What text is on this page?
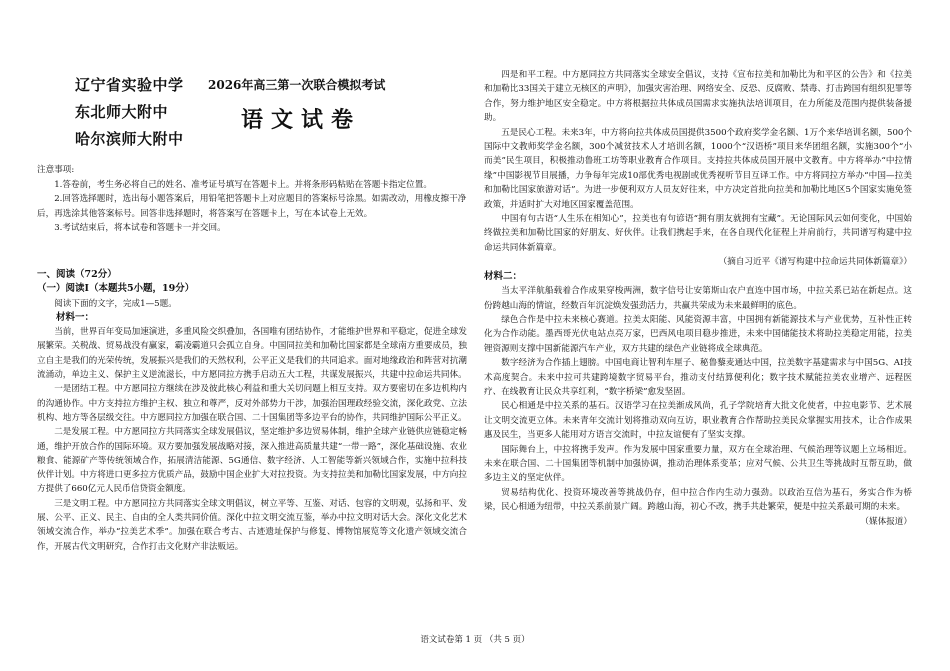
辽宁省实验中学
东北师大附中
哈尔滨师大附中
2026年高三第一次联合模拟考试
语文试卷

注意事项:

1.答卷前，考生务必将自己的姓名、准考证号填写在答题卡上。并将条形码粘贴在答题卡指定位置。

2.回答选择题时，选出每小题答案后，用铅笔把答题卡上对应题目的答案标号涂黑。如需改动，用橡皮擦干净后，再选涂其他答案标号。回答非选择题时，将答案写在答题卡上，写在本试卷上无效。

3.考试结束后，将本试卷和答题卡一并交回。

一、阅读（72分）

（一）阅读Ⅰ（本题共5小题，19分）

阅读下面的文字，完成1—5题。

材料一：

当前，世界百年变局加速演进，多重风险交织叠加，各国唯有团结协作，才能维护世界和平稳定，促进全球发展繁荣。关税战、贸易战没有赢家，霸凌霸道只会孤立自身。中国同拉美和加勒比国家都是全球南方重要成员，独立自主是我们的光荣传统，发展振兴是我们的天然权利，公平正义是我们的共同追求。面对地缘政治和阵营对抗潮流涌动，单边主义、保护主义逆流滋长，中方愿同拉方携手启动五大工程，共谋发展振兴，共建中拉命运共同体。

一是团结工程。中方愿同拉方继续在涉及彼此核心利益和重大关切问题上相互支持。双方要密切在多边机构内的沟通协作。中方支持拉方维护主权、独立和尊严，反对外部势力干涉，加强治国理政经验交流，深化政党、立法机构、地方等各层级交往。中方愿同拉方加强在联合国、二十国集团等多边平台的协作，共同维护国际公平正义。

二是发展工程。中方愿同拉方共同落实全球发展倡议，坚定维护多边贸易体制，维护全球产业链供应链稳定畅通，维护开放合作的国际环境。双方要加强发展战略对接，深入推进高质量共建“一带一路”，深化基础设施、农业粮食、能源矿产等传统领域合作，拓展清洁能源、5G通信、数字经济、人工智能等新兴领域合作，实施中拉科技伙伴计划。中方将进口更多拉方优质产品，鼓励中国企业扩大对拉投资。为支持拉美和加勒比国家发展，中方向拉方提供了660亿元人民币信贷资金额度。

三是文明工程。中方愿同拉方共同落实全球文明倡议，树立平等、互鉴、对话、包容的文明观，弘扬和平、发展、公平、正义、民主、自由的全人类共同价值。深化中拉文明交流互鉴，举办中拉文明对话大会。深化文化艺术领域交流合作，举办“拉美艺术季”。加强在联合考古、古迹遗址保护与修复、博物馆展览等文化遗产领域交流合作，开展古代文明研究，合作打击文化财产非法贩运。

四是和平工程。中方愿同拉方共同落实全球安全倡议，支持《宣布拉美和加勒比为和平区的公告》和《拉美和加勒比33国关于建立无核区的声明》，加强灾害治理、网络安全、反恐、反腐败、禁毒、打击跨国有组织犯罪等合作，努力维护地区安全稳定。中方将根据拉共体成员国需求实施执法培训项目，在力所能及范围内提供装备援助。

五是民心工程。未来3年，中方将向拉共体成员国提供3500个政府奖学金名额、1万个来华培训名额，500个国际中文教师奖学金名额，300个减贫技术人才培训名额，1000个“汉语桥”项目来华团组名额，实施300个“小而美”民生项目，积极推动鲁班工坊等职业教育合作项目。支持拉共体成员国开展中文教育。中方将举办“中拉情缘”中国影视节目展播，力争每年完成10部优秀电视剧或优秀视听节目互译工作。中方将同拉方举办“中国—拉美和加勒比国家旅游对话”。为进一步便利双方人员友好往来，中方决定首批向拉美和加勒比地区5个国家实施免签政策，并适时扩大对地区国家覆盖范围。

中国有句古语“人生乐在相知心”，拉美也有句谚语“拥有朋友就拥有宝藏”。无论国际风云如何变化，中国始终做拉美和加勒比国家的好朋友、好伙伴。让我们携起手来，在各自现代化征程上并肩前行，共同谱写构建中拉命运共同体新篇章。

（摘自习近平《谱写构建中拉命运共同体新篇章》）

材料二：

当太平洋航船载着合作成果穿梭两洲，数字信号让安第斯山农户直连中国市场，中拉关系已站在新起点。这份跨越山海的情谊，经数百年沉淀焕发强劲活力，共赢共荣成为未来最鲜明的底色。

绿色合作是中拉未来核心赛道。拉美太阳能、风能资源丰富，中国拥有新能源技术与产业优势，互补性正转化为合作动能。墨西哥光伏电站点亮万家，巴西风电项目稳步推进，未来中国储能技术将助拉美稳定用能，拉美锂资源则支撑中国新能源汽车产业，双方共建的绿色产业链将成全球典范。

数字经济为合作插上翅膀。中国电商让智利车厘子、秘鲁藜麦通达中国，拉美数字基建需求与中国5G、AI技术高度契合。未来中拉可共建跨境数字贸易平台，推动支付结算便利化；数字技术赋能拉美农业增产、远程医疗、在线教育让民众共享红利，“数字桥梁”愈发坚固。

民心相通是中拉关系的基石。汉语学习在拉美渐成风尚，孔子学院培育大批文化使者，中拉电影节、艺术展让文明交流更立体。未来青年交流计划将推动双向互访，职业教育合作帮助拉美民众掌握实用技术，让合作成果惠及民生，当更多人能用对方语言交流时，中拉友谊便有了坚实支撑。

国际舞台上，中拉将携手发声。作为发展中国家重要力量，双方在全球治理、气候治理等议题上立场相近。未来在联合国、二十国集团等机制中加强协调，推动治理体系变革；应对气候、公共卫生等挑战时互帮互助，做多边主义的坚定伙伴。

贸易结构优化、投资环境改善等挑战仍存，但中拉合作内生动力强劲。以政治互信为基石，务实合作为桥梁，民心相通为纽带，中拉关系前景广阔。跨越山海，初心不改，携手共赴繁荣，便是中拉关系最可期的未来。

（媒体报道）

语文试卷第 1 页 （共 5 页）
